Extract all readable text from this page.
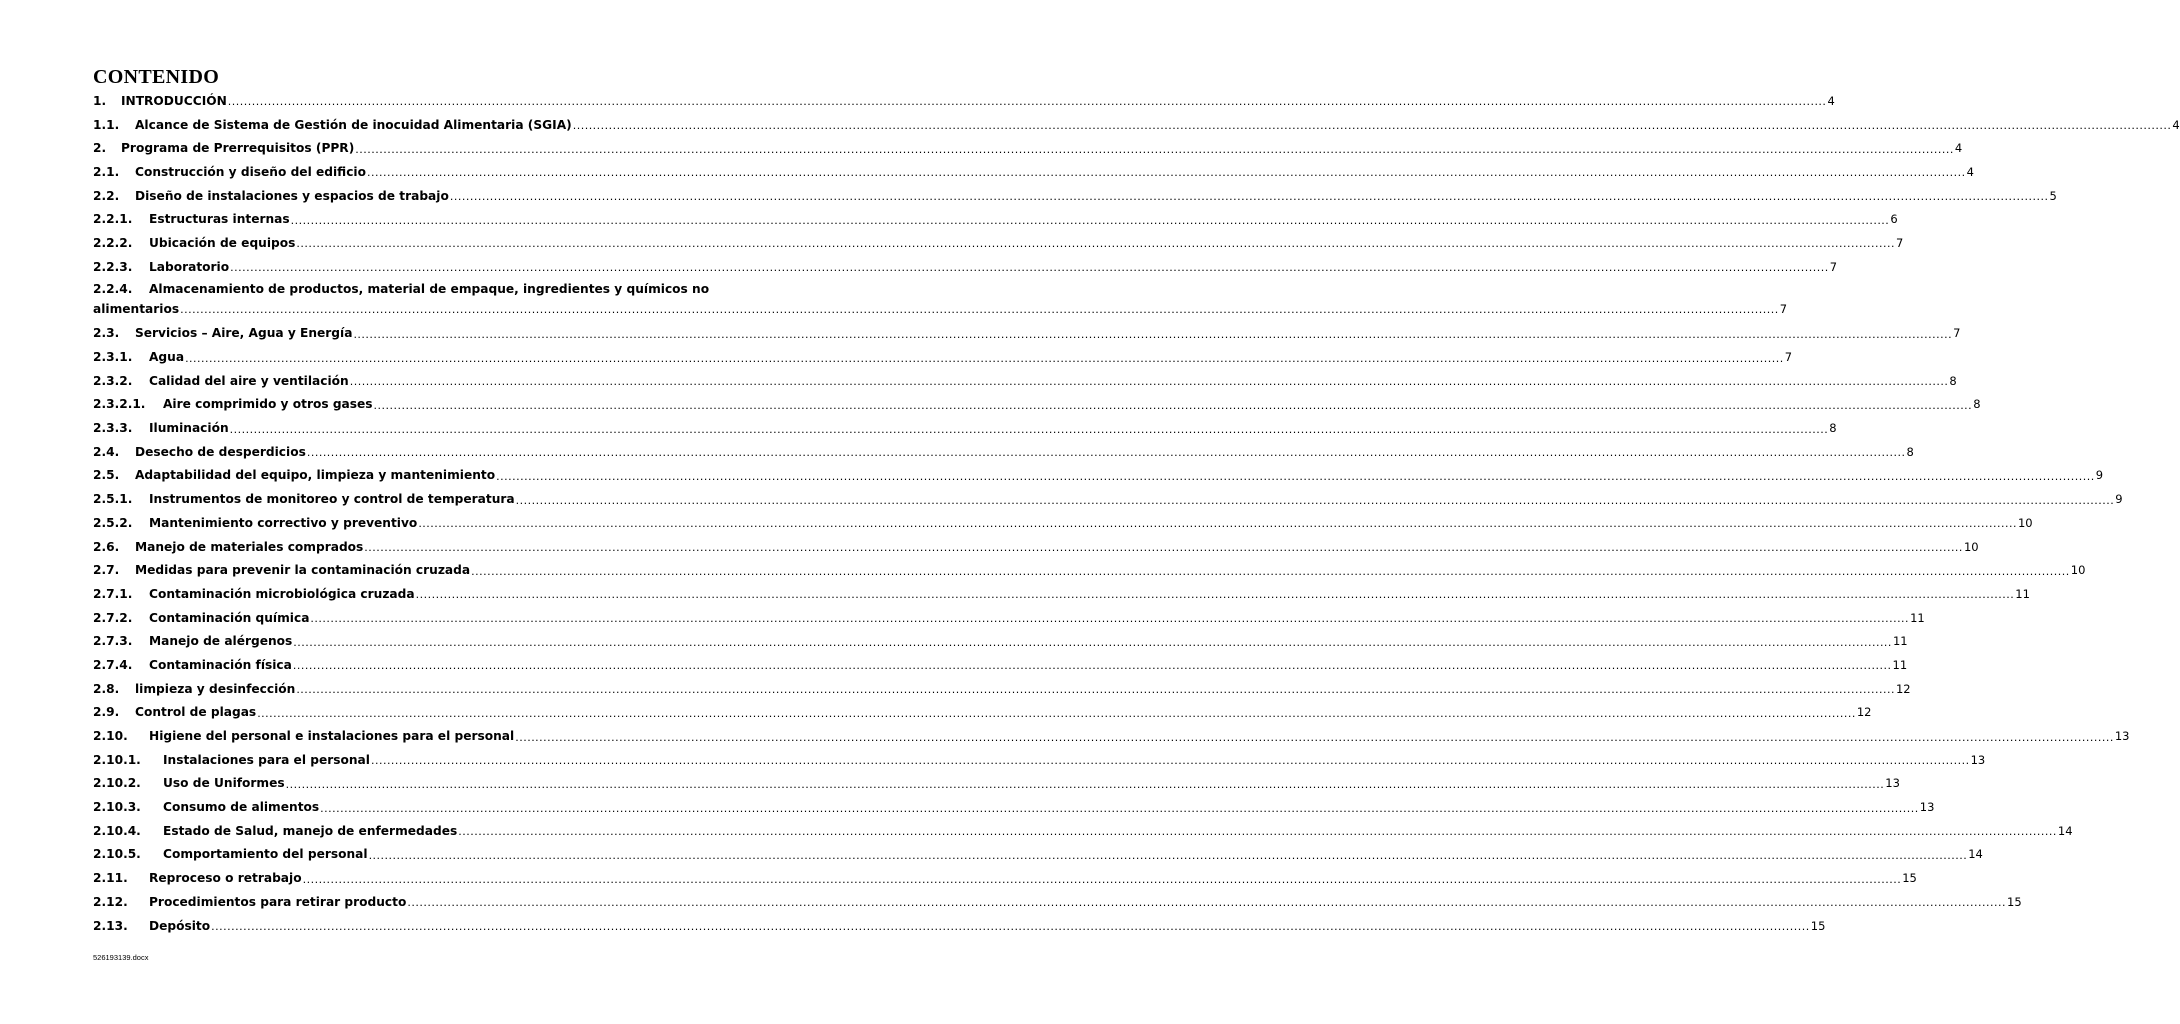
CONTENIDO
1.	INTRODUCCIÓN ................................................................................................................................................................................................................................................................................................................................................................................................................ 4
1.1.	Alcance de Sistema de Gestión de inocuidad Alimentaria (SGIA) ................................................................................................................................................................................................................................................................................................................................................................................................................ 4
2.	Programa de Prerrequisitos (PPR) ................................................................................................................................................................................................................................................................................................................................................................................................................ 4
2.1.	Construcción y diseño del edificio ................................................................................................................................................................................................................................................................................................................................................................................................................ 4
2.2.	Diseño de instalaciones y espacios de trabajo ................................................................................................................................................................................................................................................................................................................................................................................................................ 5
2.2.1.	Estructuras internas ................................................................................................................................................................................................................................................................................................................................................................................................................ 6
2.2.2.	Ubicación de equipos ................................................................................................................................................................................................................................................................................................................................................................................................................ 7
2.2.3.	Laboratorio ................................................................................................................................................................................................................................................................................................................................................................................................................ 7
2.2.4.	Almacenamiento de productos, material de empaque, ingredientes y químicos no
alimentarios ................................................................................................................................................................................................................................................................................................................................................................................................................ 7
2.3.	Servicios – Aire, Agua y Energía ................................................................................................................................................................................................................................................................................................................................................................................................................ 7
2.3.1.	Agua ................................................................................................................................................................................................................................................................................................................................................................................................................ 7
2.3.2.	Calidad del aire y ventilación ................................................................................................................................................................................................................................................................................................................................................................................................................ 8
2.3.2.1.	Aire comprimido y otros gases ................................................................................................................................................................................................................................................................................................................................................................................................................ 8
2.3.3.	Iluminación ................................................................................................................................................................................................................................................................................................................................................................................................................ 8
2.4.	Desecho de desperdicios ................................................................................................................................................................................................................................................................................................................................................................................................................ 8
2.5.	Adaptabilidad del equipo, limpieza y mantenimiento ................................................................................................................................................................................................................................................................................................................................................................................................................ 9
2.5.1.	Instrumentos de monitoreo y control de temperatura ................................................................................................................................................................................................................................................................................................................................................................................................................ 9
2.5.2.	Mantenimiento correctivo y preventivo ................................................................................................................................................................................................................................................................................................................................................................................................................ 10
2.6.	Manejo de materiales comprados ................................................................................................................................................................................................................................................................................................................................................................................................................ 10
2.7.	Medidas para prevenir la contaminación cruzada ................................................................................................................................................................................................................................................................................................................................................................................................................ 10
2.7.1.	Contaminación microbiológica cruzada ................................................................................................................................................................................................................................................................................................................................................................................................................ 11
2.7.2.	Contaminación química ................................................................................................................................................................................................................................................................................................................................................................................................................ 11
2.7.3.	Manejo de alérgenos ................................................................................................................................................................................................................................................................................................................................................................................................................ 11
2.7.4.	Contaminación física ................................................................................................................................................................................................................................................................................................................................................................................................................ 11
2.8.	limpieza y desinfección ................................................................................................................................................................................................................................................................................................................................................................................................................ 12
2.9.	Control de plagas ................................................................................................................................................................................................................................................................................................................................................................................................................ 12
2.10.	Higiene del personal e instalaciones para el personal ................................................................................................................................................................................................................................................................................................................................................................................................................ 13
2.10.1.	Instalaciones para el personal ................................................................................................................................................................................................................................................................................................................................................................................................................ 13
2.10.2.	Uso de Uniformes ................................................................................................................................................................................................................................................................................................................................................................................................................ 13
2.10.3.	Consumo de alimentos ................................................................................................................................................................................................................................................................................................................................................................................................................ 13
2.10.4.	Estado de Salud, manejo de enfermedades ................................................................................................................................................................................................................................................................................................................................................................................................................ 14
2.10.5.	Comportamiento del personal ................................................................................................................................................................................................................................................................................................................................................................................................................ 14
2.11.	Reproceso o retrabajo ................................................................................................................................................................................................................................................................................................................................................................................................................ 15
2.12.	Procedimientos para retirar producto ................................................................................................................................................................................................................................................................................................................................................................................................................ 15
2.13.	Depósito ................................................................................................................................................................................................................................................................................................................................................................................................................ 15
526193139.docx
